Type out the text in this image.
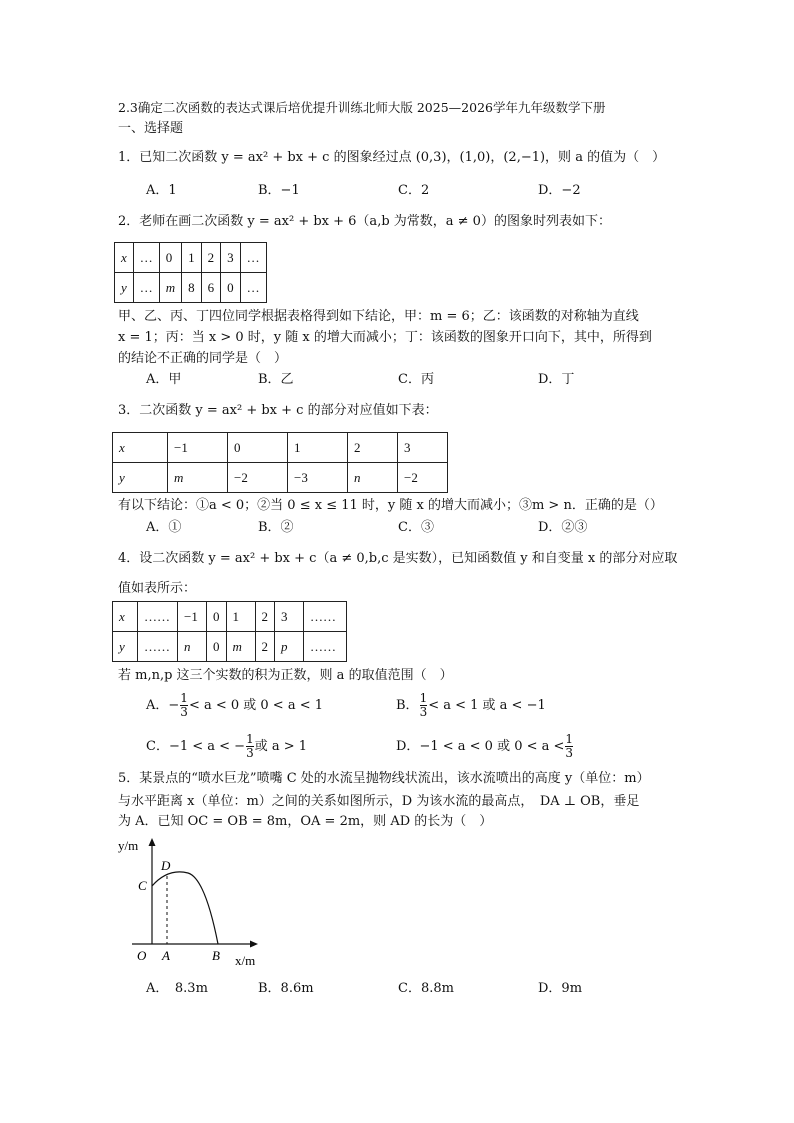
2.3确定二次函数的表达式课后培优提升训练北师大版 2025—2026学年九年级数学下册
一、选择题
1．已知二次函数 y = ax² + bx + c 的图象经过点 (0,3)，(1,0)，(2,−1)，则 a 的值为（　）
A．1	B．−1	C．2	D．−2
2．老师在画二次函数 y = ax² + bx + 6（a,b 为常数，a ≠ 0）的图象时列表如下：
x	…	0	1	2	3	…
y	…	m	8	6	0	…
甲、乙、丙、丁四位同学根据表格得到如下结论，甲：m = 6；乙：该函数的对称轴为直线
x = 1；丙：当 x > 0 时，y 随 x 的增大而减小；丁：该函数的图象开口向下，其中，所得到
的结论不正确的同学是（　）
A．甲	B．乙	C．丙	D．丁
3．二次函数 y = ax² + bx + c 的部分对应值如下表：
x	−1	0	1	2	3
y	m	−2	−3	n	−2
有以下结论：①a < 0；②当 0 ≤ x ≤ 11 时，y 随 x 的增大而减小；③m > n．正确的是（）
A．①	B．②	C．③	D．②③
4．设二次函数 y = ax² + bx + c（a ≠ 0,b,c 是实数），已知函数值 y 和自变量 x 的部分对应取
值如表所示：
x	……	−1	0	1	2	3	……
y	……	n	0	m	2	p	……
若 m,n,p 这三个实数的积为正数，则 a 的取值范围（　）
A．− $\frac{1}{3} < a < 0$ 或 0 < a < 1	B． $\frac{1}{3} < a < 1$ 或 a < −1
C．−1 < a < − $\frac{1}{3}$ 或 a > 1	D．−1 < a < 0 或 $0 < a < \frac{1}{3}$
5．某景点的“喷水巨龙”喷嘴 C 处的水流呈抛物线状流出，该水流喷出的高度 y（单位：m）
与水平距离 x（单位：m）之间的关系如图所示，D 为该水流的最高点，　DA ⊥ OB，垂足
为 A．已知 OC = OB = 8m，OA = 2m，则 AD 的长为（　）
y/m
x/m
O A	B
C
D
A．　8.3m	B．8.6m	C．8.8m	D．9m
